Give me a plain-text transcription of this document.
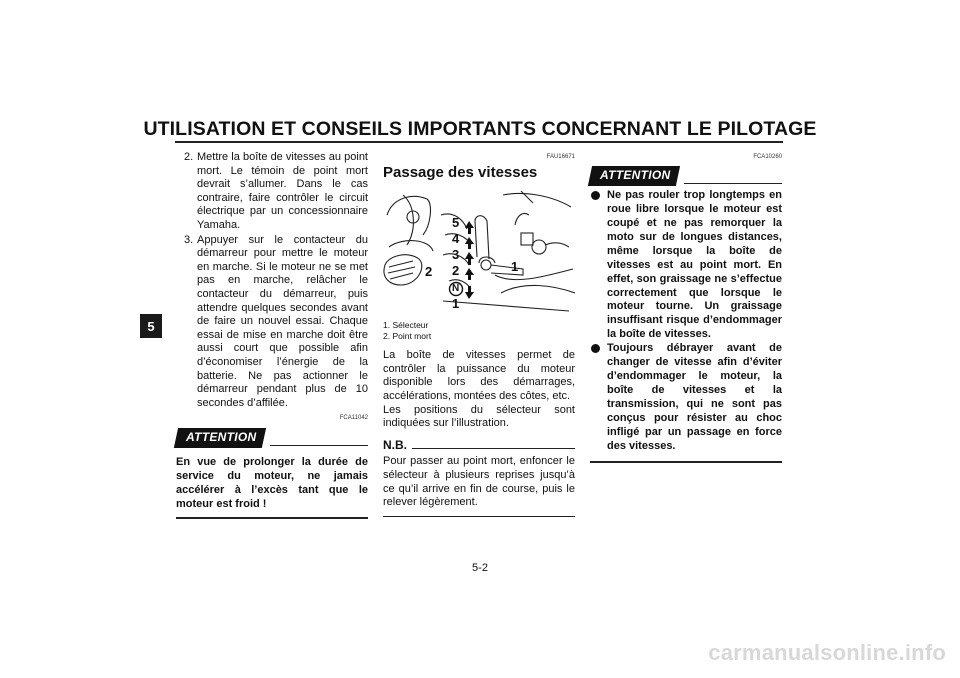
UTILISATION ET CONSEILS IMPORTANTS CONCERNANT LE PILOTAGE
5
2. Mettre la boîte de vitesses au point mort. Le témoin de point mort devrait s’allumer. Dans le cas contraire, faire contrôler le circuit électrique par un concessionnaire Yamaha.
3. Appuyer sur le contacteur du démarreur pour mettre le moteur en marche. Si le moteur ne se met pas en marche, relâcher le contacteur du démarreur, puis attendre quelques secondes avant de faire un nouvel essai. Chaque essai de mise en marche doit être aussi court que possible afin d’économiser l’énergie de la batterie. Ne pas actionner le démarreur pendant plus de 10 secondes d’affilée.
FCA11042
ATTENTION
En vue de prolonger la durée de service du moteur, ne jamais accélérer à l’excès tant que le moteur est froid !
FAU16671
Passage des vitesses
5
4
3
2
N
1
2	1
1. Sélecteur
2. Point mort
La boîte de vitesses permet de contrôler la puissance du moteur disponible lors des démarrages, accélérations, montées des côtes, etc.
Les positions du sélecteur sont indiquées sur l’illustration.
N.B.
Pour passer au point mort, enfoncer le sélecteur à plusieurs reprises jusqu’à ce qu’il arrive en fin de course, puis le relever légèrement.
FCA10260
ATTENTION
Ne pas rouler trop longtemps en roue libre lorsque le moteur est coupé et ne pas remorquer la moto sur de longues distances, même lorsque la boîte de vitesses est au point mort. En effet, son graissage ne s’effectue correctement que lorsque le moteur tourne. Un graissage insuffisant risque d’endommager la boîte de vitesses.
Toujours débrayer avant de changer de vitesse afin d’éviter d’endommager le moteur, la boîte de vitesses et la transmission, qui ne sont pas conçus pour résister au choc infligé par un passage en force des vitesses.
5-2
carmanualsonline.info
